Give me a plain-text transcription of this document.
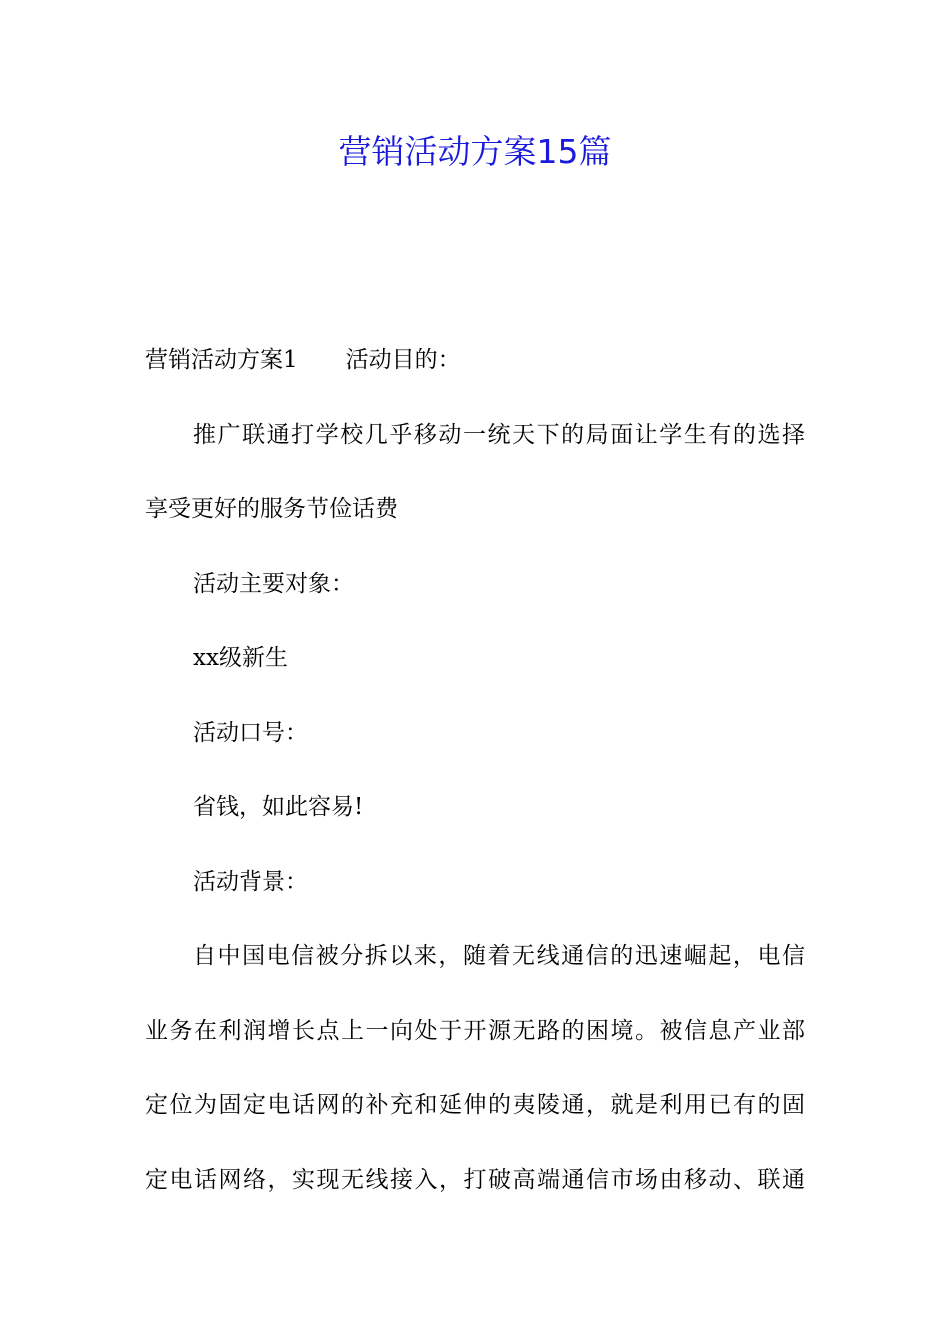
营销活动方案15篇
营销活动方案1 活动目的：
推广联通打学校几乎移动一统天下的局面让学生有的选择
享受更好的服务节俭话费
活动主要对象：
xx级新生
活动口号：
省钱，如此容易!
活动背景：
自中国电信被分拆以来，随着无线通信的迅速崛起，电信
业务在利润增长点上一向处于开源无路的困境。被信息产业部
定位为固定电话网的补充和延伸的夷陵通，就是利用已有的固
定电话网络，实现无线接入，打破高端通信市场由移动、联通
